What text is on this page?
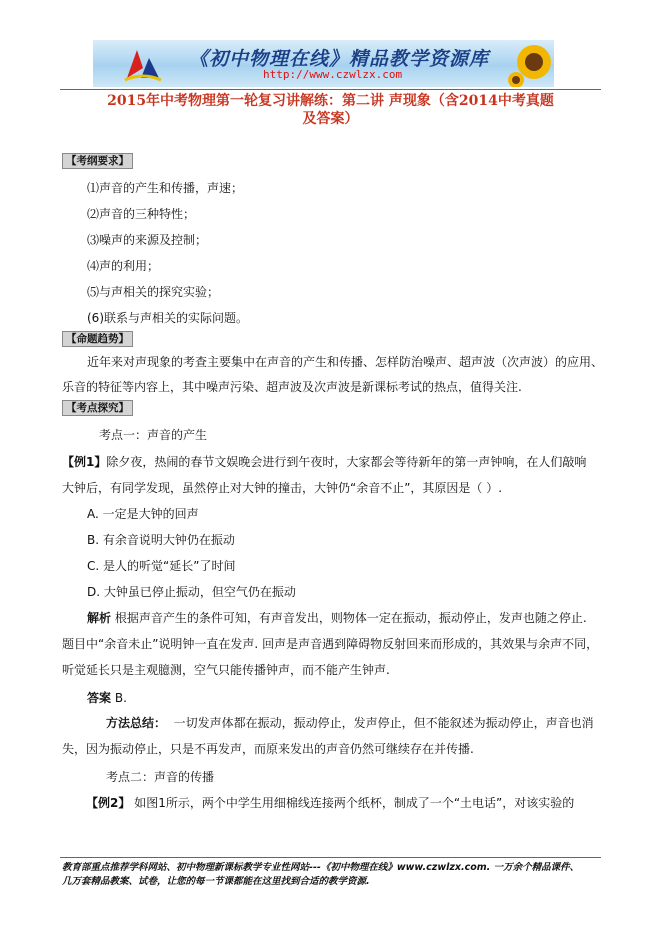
《初中物理在线》精品教学资源库
http://www.czwlzx.com
2015年中考物理第一轮复习讲解练：第二讲 声现象（含2014中考真题
及答案）
【考纲要求】
⑴声音的产生和传播，声速；
⑵声音的三种特性；
⑶噪声的来源及控制；
⑷声的利用；
⑸与声相关的探究实验；
(6)联系与声相关的实际问题。
【命题趋势】
近年来对声现象的考查主要集中在声音的产生和传播、怎样防治噪声、超声波（次声波）的应用、
乐音的特征等内容上，其中噪声污染、超声波及次声波是新课标考试的热点，值得关注.
【考点探究】
考点一：声音的产生
【例1】除夕夜，热闹的春节文娱晚会进行到午夜时，大家都会等待新年的第一声钟响，在人们敲响
大钟后，有同学发现，虽然停止对大钟的撞击，大钟仍“余音不止”，其原因是（ ）.
A. 一定是大钟的回声
B. 有余音说明大钟仍在振动
C. 是人的听觉“延长”了时间
D. 大钟虽已停止振动，但空气仍在振动
解析 根据声音产生的条件可知，有声音发出，则物体一定在振动，振动停止，发声也随之停止.
题目中“余音未止”说明钟一直在发声. 回声是声音遇到障碍物反射回来而形成的，其效果与余声不同，
听觉延长只是主观臆测，空气只能传播钟声，而不能产生钟声.
答案 B.
方法总结： 一切发声体都在振动，振动停止，发声停止，但不能叙述为振动停止，声音也消
失，因为振动停止，只是不再发声，而原来发出的声音仍然可继续存在并传播.
考点二：声音的传播
【例2】 如图1所示，两个中学生用细棉线连接两个纸杯，制成了一个“土电话”，对该实验的
教育部重点推荐学科网站、初中物理新课标教学专业性网站---《初中物理在线》www.czwlzx.com. 一万余个精品课件、
几万套精品教案、试卷，让您的每一节课都能在这里找到合适的教学资源.
